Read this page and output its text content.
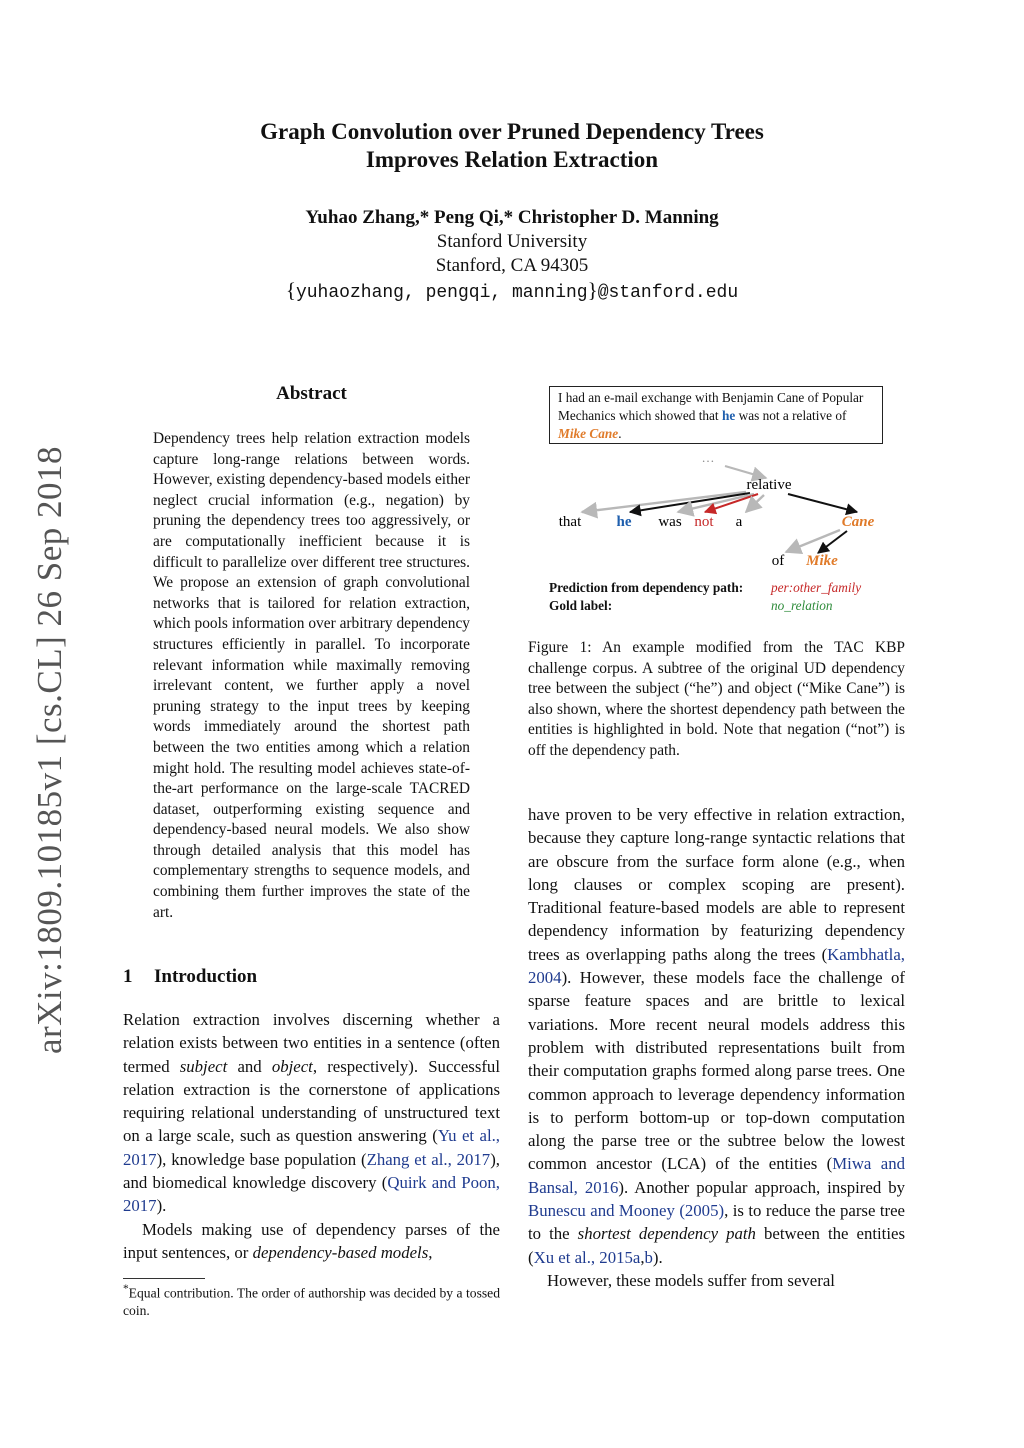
arXiv:1809.10185v1 [cs.CL] 26 Sep 2018
Graph Convolution over Pruned Dependency Trees
Improves Relation Extraction
Yuhao Zhang,* Peng Qi,* Christopher D. Manning
Stanford University
Stanford, CA 94305
{yuhaozhang, pengqi, manning}@stanford.edu
Abstract

Dependency trees help relation extraction models capture long-range relations between words. However, existing dependency-based models either neglect crucial information (e.g., negation) by pruning the dependency trees too aggressively, or are computationally inefficient because it is difficult to parallelize over different tree structures. We propose an extension of graph convolutional networks that is tailored for relation extraction, which pools information over arbitrary dependency structures efficiently in parallel. To incorporate relevant information while maximally removing irrelevant content, we further apply a novel pruning strategy to the input trees by keeping words immediately around the shortest path between the two entities among which a relation might hold. The resulting model achieves state-of-the-art performance on the large-scale TACRED dataset, outperforming existing sequence and dependency-based neural models. We also show through detailed analysis that this model has complementary strengths to sequence models, and combining them further improves the state of the art.

1 Introduction

Relation extraction involves discerning whether a relation exists between two entities in a sentence (often termed subject and object, respectively). Successful relation extraction is the cornerstone of applications requiring relational understanding of unstructured text on a large scale, such as question answering (Yu et al., 2017), knowledge base population (Zhang et al., 2017), and biomedical knowledge discovery (Quirk and Poon, 2017).

Models making use of dependency parses of the input sentences, or dependency-based models,

*Equal contribution. The order of authorship was decided by a tossed coin.
I had an e-mail exchange with Benjamin Cane of Popular Mechanics which showed that he was not a relative of Mike Cane.
…
relative
that he was not a	Cane
of Mike
Prediction from dependency path:
Gold label:
per:other_family
no_relation
Figure 1: An example modified from the TAC KBP challenge corpus. A subtree of the original UD dependency tree between the subject (“he”) and object (“Mike Cane”) is also shown, where the shortest dependency path between the entities is highlighted in bold. Note that negation (“not”) is off the dependency path.

have proven to be very effective in relation extraction, because they capture long-range syntactic relations that are obscure from the surface form alone (e.g., when long clauses or complex scoping are present). Traditional feature-based models are able to represent dependency information by featurizing dependency trees as overlapping paths along the trees (Kambhatla, 2004). However, these models face the challenge of sparse feature spaces and are brittle to lexical variations. More recent neural models address this problem with distributed representations built from their computation graphs formed along parse trees. One common approach to leverage dependency information is to perform bottom-up or top-down computation along the parse tree or the subtree below the lowest common ancestor (LCA) of the entities (Miwa and Bansal, 2016). Another popular approach, inspired by Bunescu and Mooney (2005), is to reduce the parse tree to the shortest dependency path between the entities (Xu et al., 2015a,b).

However, these models suffer from several
